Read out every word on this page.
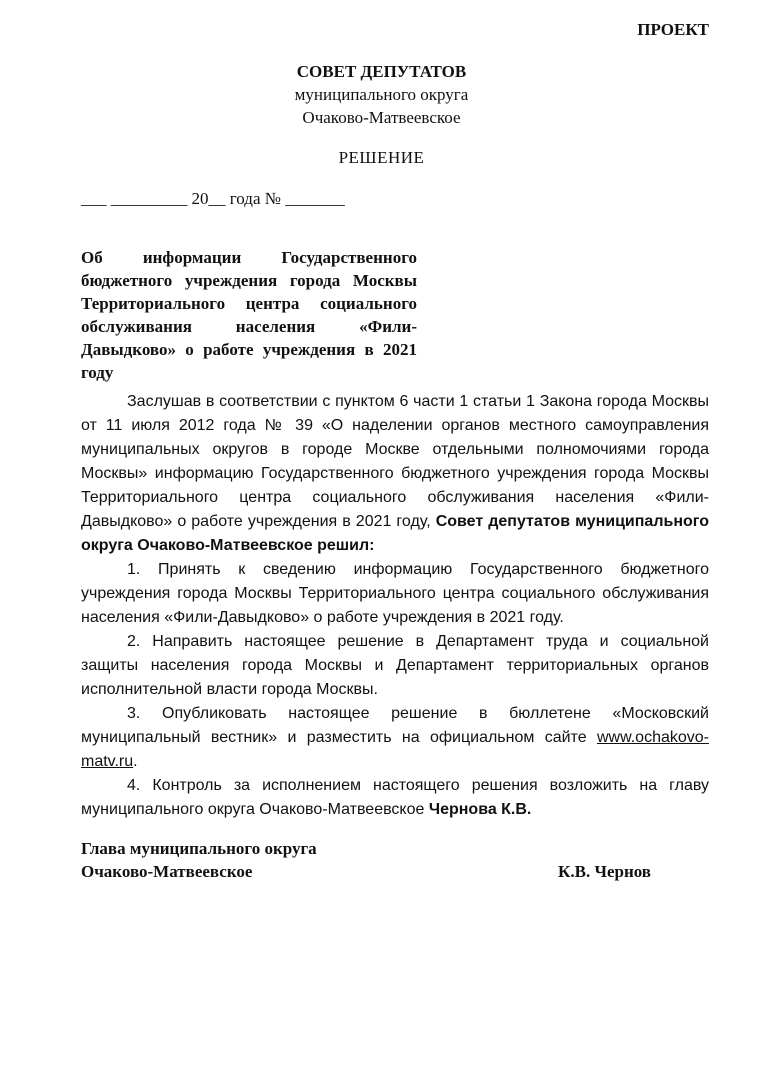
ПРОЕКТ
СОВЕТ ДЕПУТАТОВ
муниципального округа
Очаково-Матвеевское
РЕШЕНИЕ
___ _________ 20__ года № _______
Об информации Государственного
бюджетного учреждения города Москвы
Территориального центра социального
обслуживания населения «Фили-
Давыдково» о работе учреждения в 2021
году

Заслушав в соответствии с пунктом 6 части 1 статьи 1 Закона города Москвы от 11 июля 2012 года № 39 «О наделении органов местного самоуправления муниципальных округов в городе Москве отдельными полномочиями города Москвы» информацию Государственного бюджетного учреждения города Москвы Территориального центра социального обслуживания населения «Фили-Давыдково» о работе учреждения в 2021 году, Совет депутатов муниципального округа Очаково-Матвеевское решил:

1. Принять к сведению информацию Государственного бюджетного учреждения города Москвы Территориального центра социального обслуживания населения «Фили-Давыдково» о работе учреждения в 2021 году.

2. Направить настоящее решение в Департамент труда и социальной защиты населения города Москвы и Департамент территориальных органов исполнительной власти города Москвы.

3. Опубликовать настоящее решение в бюллетене «Московский муниципальный вестник» и разместить на официальном сайте www.ochakovo-matv.ru.

4. Контроль за исполнением настоящего решения возложить на главу муниципального округа Очаково-Матвеевское Чернова К.В.

Глава муниципального округа
Очаково-Матвеевское	К.В. Чернов
